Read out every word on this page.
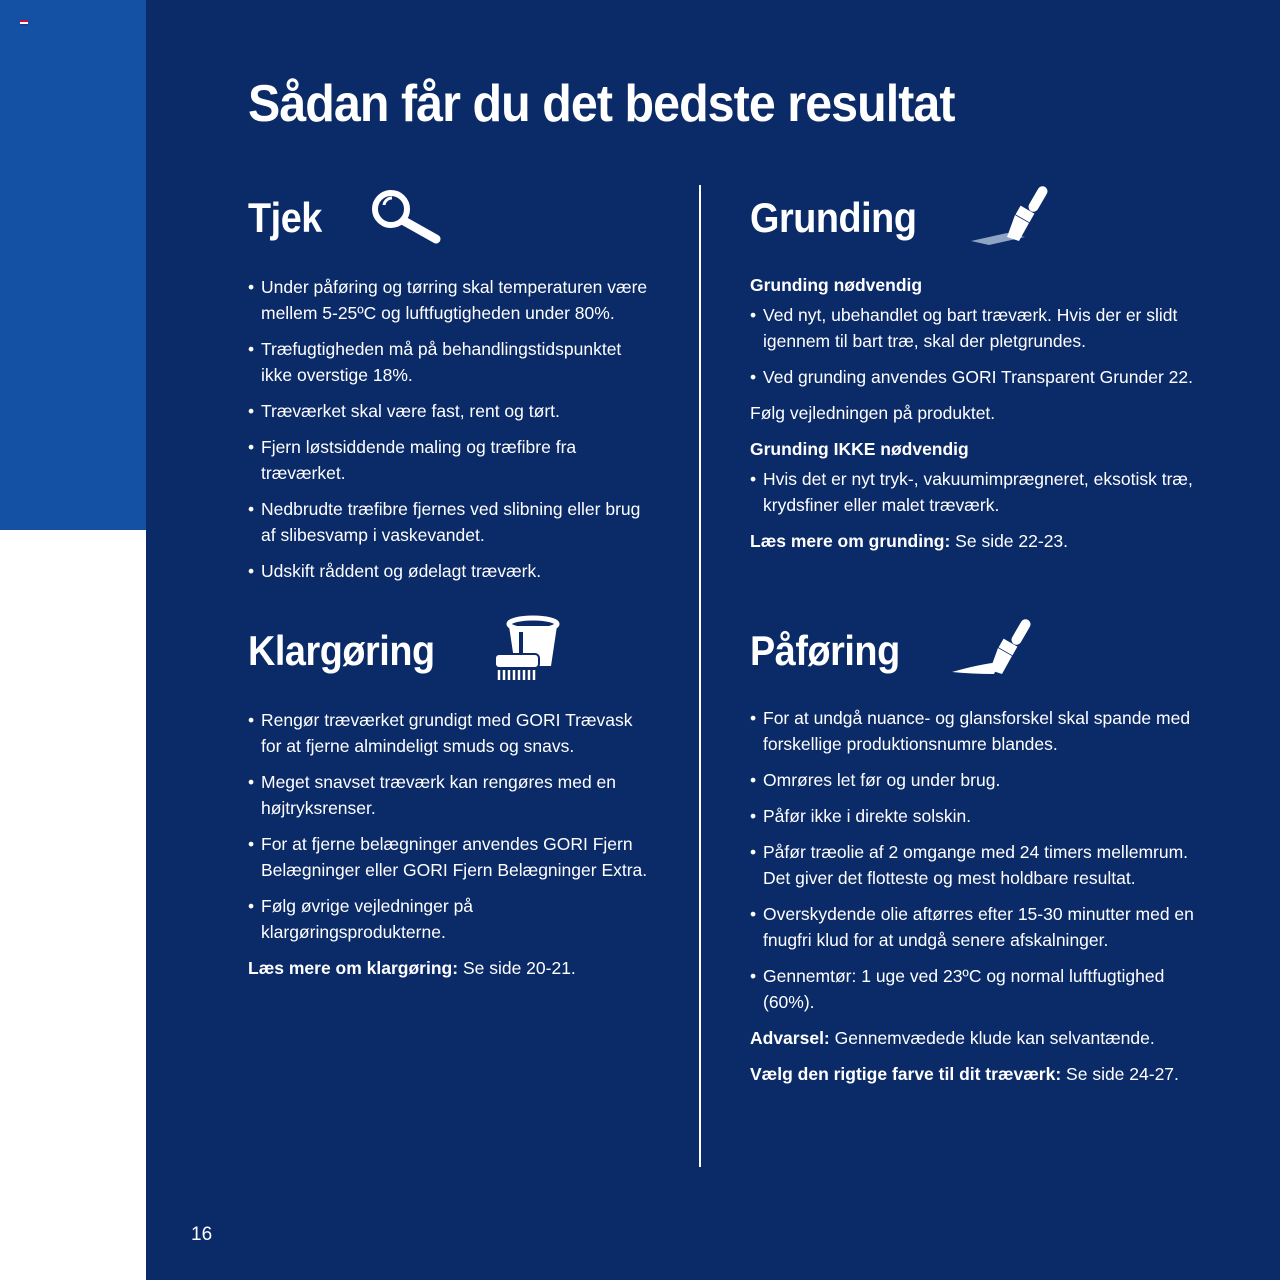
Sådan får du det bedste resultat
Tjek
• Under påføring og tørring skal temperaturen være mellem 5-25ºC og luftfugtigheden under 80%.
• Træfugtigheden må på behandlingstidspunktet ikke overstige 18%.
• Træværket skal være fast, rent og tørt.
• Fjern løstsiddende maling og træfibre fra træværket.
• Nedbrudte træfibre fjernes ved slibning eller brug af slibesvamp i vaskevandet.
• Udskift råddent og ødelagt træværk.
Grunding

Grunding nødvendig

• Ved nyt, ubehandlet og bart træværk. Hvis der er slidt igennem til bart træ, skal der pletgrundes.
• Ved grunding anvendes GORI Transparent Grunder 22.

Følg vejledningen på produktet.

Grunding IKKE nødvendig

• Hvis det er nyt tryk-, vakuumimprægneret, eksotisk træ, krydsfiner eller malet træværk.

Læs mere om grunding: Se side 22-23.

Klargøring
• Rengør træværket grundigt med GORI Trævask for at fjerne almindeligt smuds og snavs.
• Meget snavset træværk kan rengøres med en højtryksrenser.
• For at fjerne belægninger anvendes GORI Fjern Belægninger eller GORI Fjern Belægninger Extra.
• Følg øvrige vejledninger på klargøringsprodukterne.

Læs mere om klargøring: Se side 20-21.

Påføring
• For at undgå nuance- og glansforskel skal spande med forskellige produktionsnumre blandes.
• Omrøres let før og under brug.
• Påfør ikke i direkte solskin.
• Påfør træolie af 2 omgange med 24 timers mellemrum. Det giver det flotteste og mest holdbare resultat.
• Overskydende olie aftørres efter 15-30 minutter med en fnugfri klud for at undgå senere afskalninger.
• Gennemtør: 1 uge ved 23ºC og normal luftfugtighed (60%).

Advarsel: Gennemvædede klude kan selvantænde.

Vælg den rigtige farve til dit træværk: Se side 24-27.

16
